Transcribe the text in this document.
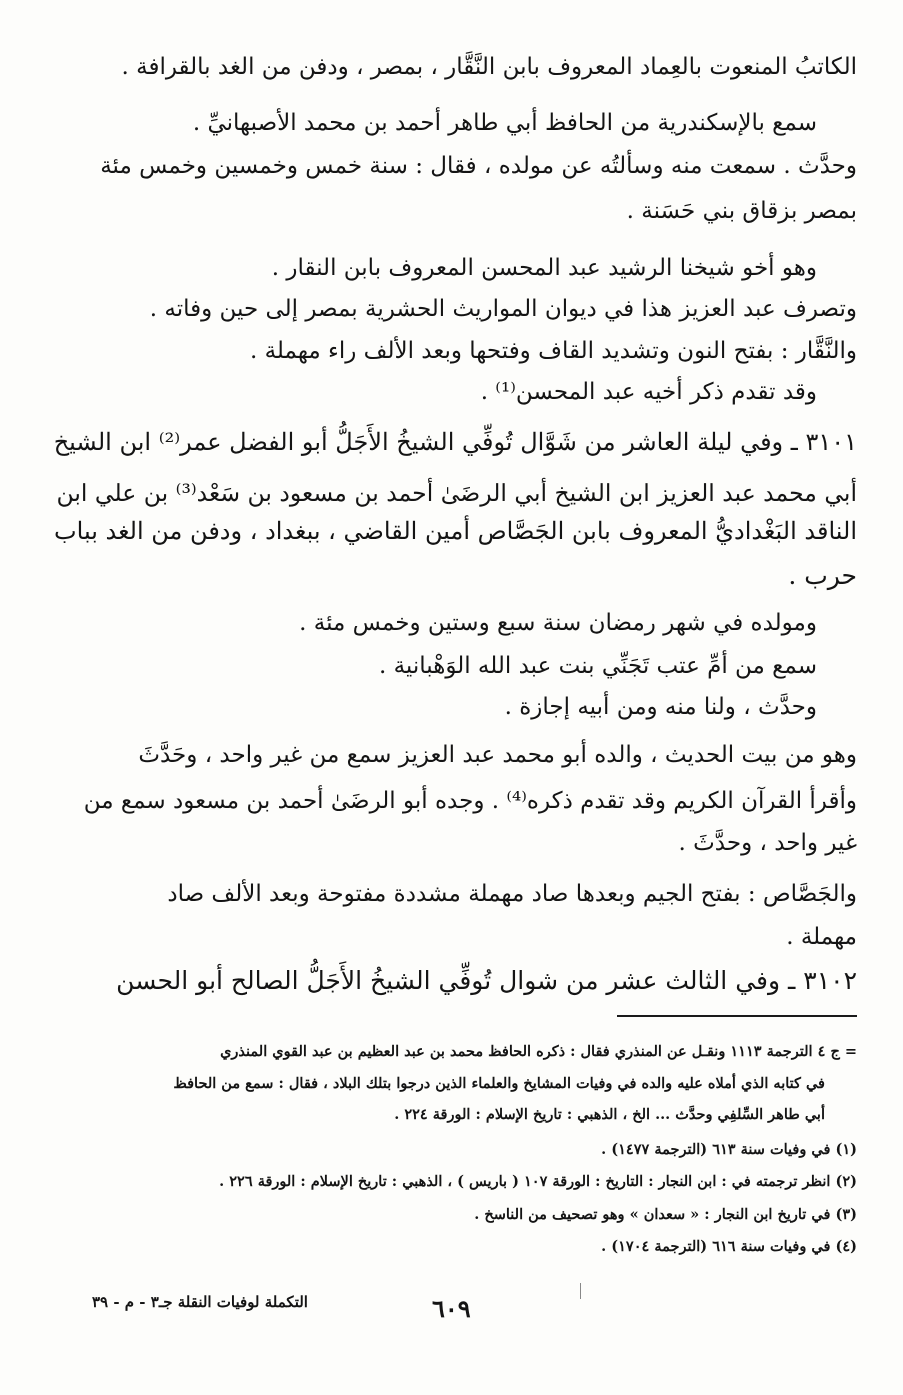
الكاتبُ المنعوت بالعِماد المعروف بابن النَّقَّار ، بمصر ، ودفن من الغد بالقرافة .
سمع بالإسكندرية من الحافظ أبي طاهر أحمد بن محمد الأصبهانيِّ .
وحدَّث . سمعت منه وسألتُه عن مولده ، فقال : سنة خمس وخمسين وخمس مئة
بمصر بزقاق بني حَسَنة .
وهو أخو شيخنا الرشيد عبد المحسن المعروف بابن النقار .
وتصرف عبد العزيز هذا في ديوان المواريث الحشرية بمصر إلى حين وفاته .
والنَّقَّار : بفتح النون وتشديد القاف وفتحها وبعد الألف راء مهملة .
وقد تقدم ذكر أخيه عبد المحسن⁽¹⁾ .
٣١٠١ ـ وفي ليلة العاشر من شَوَّال تُوفِّي الشيخُ الأَجَلُّ أبو الفضل عمر⁽²⁾ ابن الشيخ
أبي محمد عبد العزيز ابن الشيخ أبي الرضَىٰ أحمد بن مسعود بن سَعْد⁽³⁾ بن علي ابن
الناقد البَغْداديُّ المعروف بابن الجَصَّاص أمين القاضي ، ببغداد ، ودفن من الغد بباب
حرب .
ومولده في شهر رمضان سنة سبع وستين وخمس مئة .
سمع من أمِّ عتب تَجَنِّي بنت عبد الله الوَهْبانية .
وحدَّث ، ولنا منه ومن أبيه إجازة .
وهو من بيت الحديث ، والده أبو محمد عبد العزيز سمع من غير واحد ، وحَدَّثَ
وأقرأ القرآن الكريم وقد تقدم ذكره⁽⁴⁾ . وجده أبو الرضَىٰ أحمد بن مسعود سمع من
غير واحد ، وحدَّثَ .
والجَصَّاص : بفتح الجيم وبعدها صاد مهملة مشددة مفتوحة وبعد الألف صاد
مهملة .
٣١٠٢ ـ وفي الثالث عشر من شوال تُوفِّي الشيخُ الأَجَلُّ الصالح أبو الحسن
= ج ٤ الترجمة ١١١٣ ونقـل عن المنذري فقال : ذكره الحافظ محمد بن عبد العظيم بن عبد القوي المنذري
في كتابه الذي أملاه عليه والده في وفيات المشايخ والعلماء الذين درجوا بتلك البلاد ، فقال : سمع من الحافظ
أبي طاهر السِّلفِي وحدَّث ... الخ ، الذهبي : تاريخ الإسلام : الورقة ٢٢٤ .
(١) في وفيات سنة ٦١٣ (الترجمة ١٤٧٧) .
(٢) انظر ترجمته في : ابن النجار : التاريخ : الورقة ١٠٧ ( باريس ) ، الذهبي : تاريخ الإسلام : الورقة ٢٢٦ .
(٣) في تاريخ ابن النجار : « سعدان » وهو تصحيف من الناسخ .
(٤) في وفيات سنة ٦١٦ (الترجمة ١٧٠٤) .
التكملة لوفيات النقلة جـ٣ - م - ٣٩	٦٠٩
